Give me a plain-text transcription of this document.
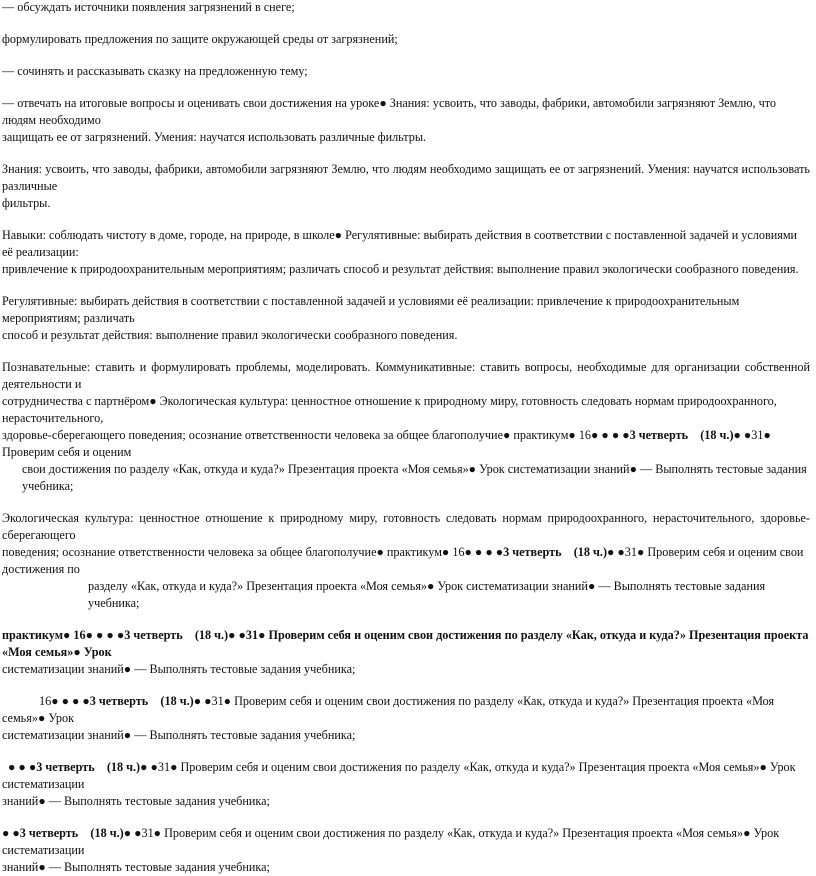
— обсуждать источники появления загрязнений в снеге;

формулировать предложения по защите окружающей среды от загрязнений;

— сочинять и рассказывать сказку на предложенную тему;

— отвечать на итоговые вопросы и оценивать свои достижения на уроке● Знания: усвоить, что заводы, фабрики, автомобили загрязняют Землю, что людям необходимо

защищать ее от загрязнений. Умения: научатся использовать различные фильтры.

Знания: усвоить, что заводы, фабрики, автомобили загрязняют Землю, что людям необходимо защищать ее от загрязнений. Умения: научатся использовать различные

фильтры.

Навыки: соблюдать чистоту в доме, городе, на природе, в школе● Регулятивные: выбирать действия в соответствии с поставленной задачей и условиями её реализации:

привлечение к природоохранительным мероприятиям; различать способ и результат действия: выполнение правил экологически сообразного поведения.

Регулятивные: выбирать действия в соответствии с поставленной задачей и условиями её реализации: привлечение к природоохранительным мероприятиям; различать

способ и результат действия: выполнение правил экологически сообразного поведения.

Познавательные: ставить и формулировать проблемы, моделировать. Коммуникативные: ставить вопросы, необходимые для организации собственной деятельности и

сотрудничества с партнёром● Экологическая культура: ценностное отношение к природному миру, готовность следовать нормам природоохранного, нерасточительного,

здоровье-сберегающего поведения; осознание ответственности человека за общее благополучие● практикум● 16● ● ● ●3 четверть (18 ч.)● ●31● Проверим себя и оценим

свои достижения по разделу «Как, откуда и куда?» Презентация проекта «Моя семья»● Урок систематизации знаний● — Выполнять тестовые задания учебника;

Экологическая культура: ценностное отношение к природному миру, готовность следовать нормам природоохранного, нерасточительного, здоровье-сберегающего

поведения; осознание ответственности человека за общее благополучие● практикум● 16● ● ● ●3 четверть (18 ч.)● ●31● Проверим себя и оценим свои достижения по

разделу «Как, откуда и куда?» Презентация проекта «Моя семья»● Урок систематизации знаний● — Выполнять тестовые задания учебника;

практикум● 16● ● ● ●3 четверть (18 ч.)● ●31● Проверим себя и оценим свои достижения по разделу «Как, откуда и куда?» Презентация проекта «Моя семья»● Урок

систематизации знаний● — Выполнять тестовые задания учебника;

16● ● ● ●3 четверть (18 ч.)● ●31● Проверим себя и оценим свои достижения по разделу «Как, откуда и куда?» Презентация проекта «Моя семья»● Урок

систематизации знаний● — Выполнять тестовые задания учебника;

● ● ●3 четверть (18 ч.)● ●31● Проверим себя и оценим свои достижения по разделу «Как, откуда и куда?» Презентация проекта «Моя семья»● Урок систематизации

знаний● — Выполнять тестовые задания учебника;

● ●3 четверть (18 ч.)● ●31● Проверим себя и оценим свои достижения по разделу «Как, откуда и куда?» Презентация проекта «Моя семья»● Урок систематизации

знаний● — Выполнять тестовые задания учебника;
